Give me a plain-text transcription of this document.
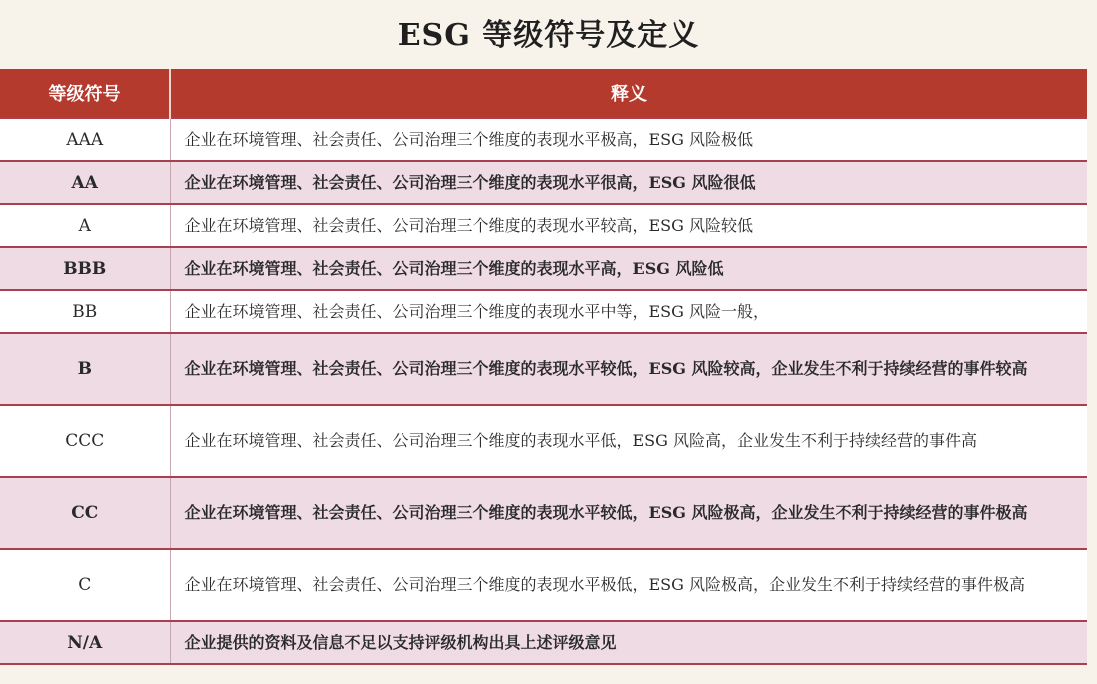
ESG 等级符号及定义
等级符号	释义
AAA	企业在环境管理、社会责任、公司治理三个维度的表现水平极高，ESG 风险极低
AA	企业在环境管理、社会责任、公司治理三个维度的表现水平很高，ESG 风险很低
A	企业在环境管理、社会责任、公司治理三个维度的表现水平较高，ESG 风险较低
BBB	企业在环境管理、社会责任、公司治理三个维度的表现水平高，ESG 风险低
BB	企业在环境管理、社会责任、公司治理三个维度的表现水平中等，ESG 风险一般，
B	企业在环境管理、社会责任、公司治理三个维度的表现水平较低，ESG 风险较高，企业发生不利于持续经营的事件较高
CCC	企业在环境管理、社会责任、公司治理三个维度的表现水平低，ESG 风险高，企业发生不利于持续经营的事件高
CC	企业在环境管理、社会责任、公司治理三个维度的表现水平较低，ESG 风险极高，企业发生不利于持续经营的事件极高
C	企业在环境管理、社会责任、公司治理三个维度的表现水平极低，ESG 风险极高，企业发生不利于持续经营的事件极高
N/A	企业提供的资料及信息不足以支持评级机构出具上述评级意见
